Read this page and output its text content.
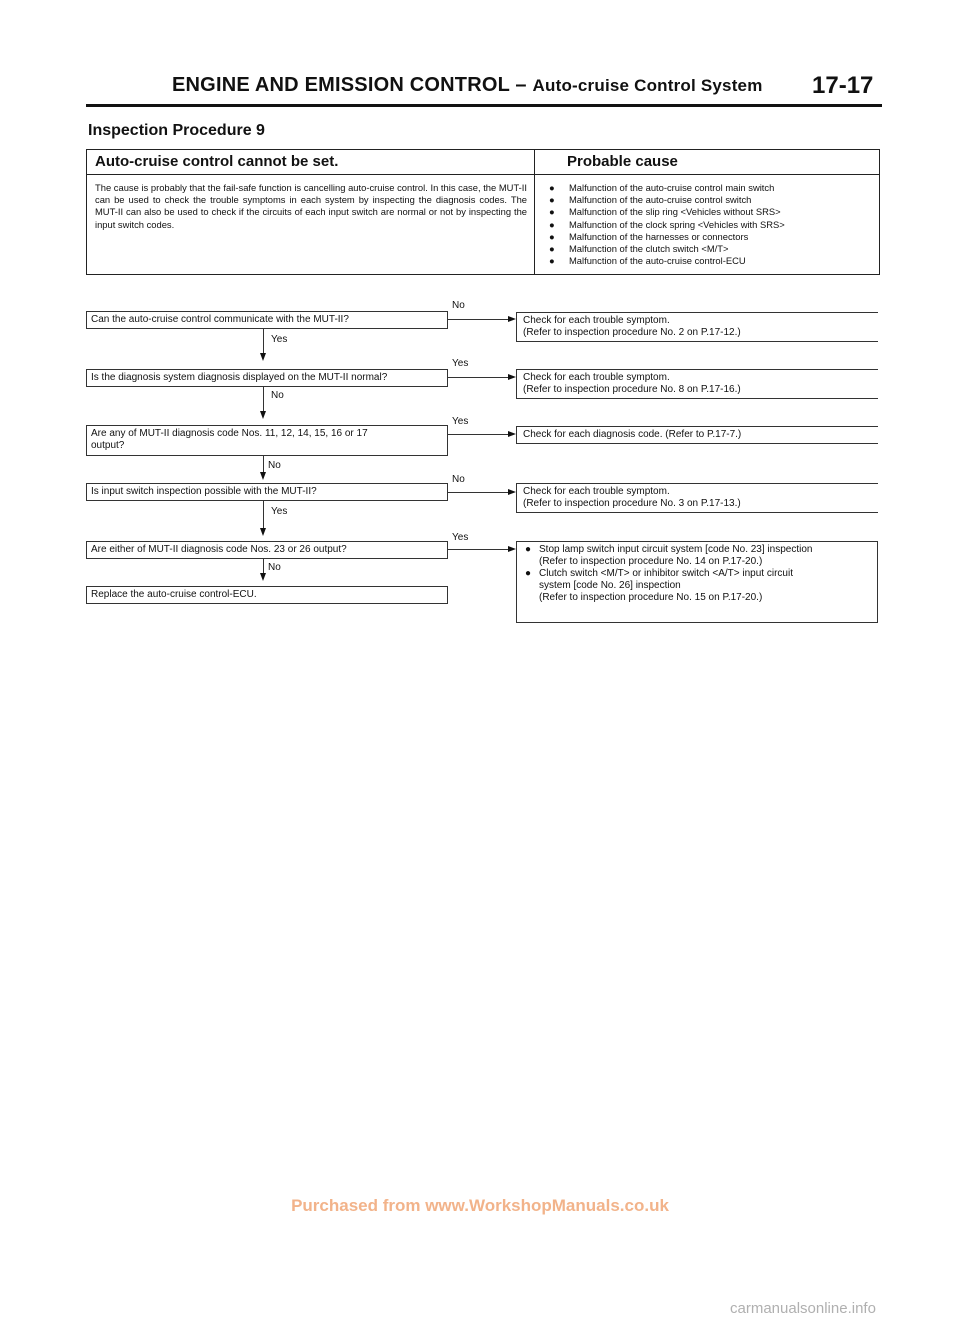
ENGINE AND EMISSION CONTROL – Auto-cruise Control System 17-17
Inspection Procedure 9
Auto-cruise control cannot be set.	Probable cause
The cause is probably that the fail-safe function is cancelling auto-cruise control. In this case, the MUT-II can be used to check the trouble symptoms in each system by inspecting the diagnosis codes. The MUT-II can also be used to check if the circuits of each input switch are normal or not by inspecting the input switch codes.
● Malfunction of the auto-cruise control main switch
● Malfunction of the auto-cruise control switch
● Malfunction of the slip ring <Vehicles without SRS>
● Malfunction of the clock spring <Vehicles with SRS>
● Malfunction of the harnesses or connectors
● Malfunction of the clutch switch <M/T>
● Malfunction of the auto-cruise control-ECU
Can the auto-cruise control communicate with the MUT-II?
No
Check for each trouble symptom.
(Refer to inspection procedure No. 2 on P.17-12.)
Yes
Is the diagnosis system diagnosis displayed on the MUT-II normal?
Yes
Check for each trouble symptom.
(Refer to inspection procedure No. 8 on P.17-16.)
No
Are any of MUT-II diagnosis code Nos. 11, 12, 14, 15, 16 or 17
output?
Yes
Check for each diagnosis code. (Refer to P.17-7.)
No
Is input switch inspection possible with the MUT-II?
No
Check for each trouble symptom.
(Refer to inspection procedure No. 3 on P.17-13.)
Yes
Are either of MUT-II diagnosis code Nos. 23 or 26 output?
Yes
● Stop lamp switch input circuit system [code No. 23] inspection
(Refer to inspection procedure No. 14 on P.17-20.)
● Clutch switch <M/T> or inhibitor switch <A/T> input circuit
system [code No. 26] inspection
(Refer to inspection procedure No. 15 on P.17-20.)
No
Replace the auto-cruise control-ECU.
Purchased from www.WorkshopManuals.co.uk
carmanualsonline.info
